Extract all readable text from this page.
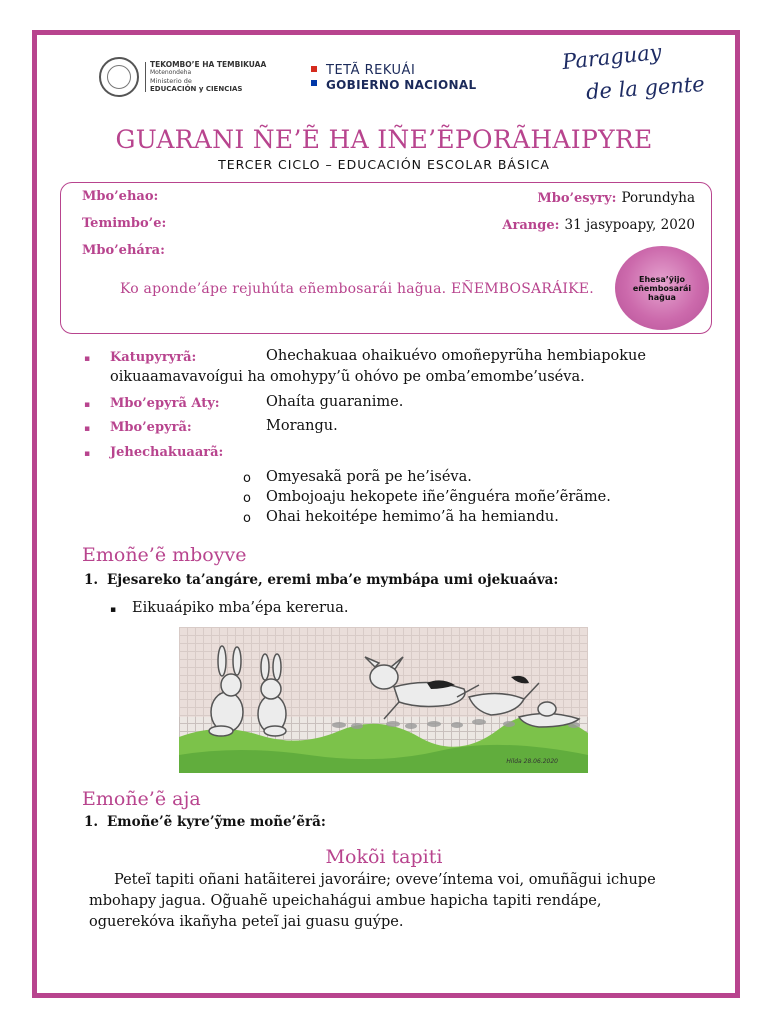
TEKOMBO’E HA TEMBIKUAA
Motenondeha
Ministerio de
EDUCACIÓN y CIENCIAS
TETÃ REKUÁI
GOBIERNO NACIONAL
Paraguay
de la gente
GUARANI ÑE’Ẽ HA IÑE’ẼPORÃHAIPYRE
TERCER CICLO – EDUCACIÓN ESCOLAR BÁSICA
Mbo’ehao:
Temimbo’e:
Mbo’ehára:
Mbo’esyry: Porundyha
Arange: 31 jasypoapy, 2020
Ko aponde’ápe rejuhúta eñembosarái hag̃ua. EÑEMBOSARÁIKE.
Ehesa’ỹijo
eñembosarái
hag̃ua
▪ Katupyryrã:	Ohechakuaa ohaikuévo omoñepyrũha hembiapokue
oikuaamavavoígui ha omohypy’ũ ohóvo pe omba’emombe’uséva.
▪ Mbo’epyrã Aty:	Ohaíta guaranime.
▪ Mbo’epyrã:	Morangu.
▪ Jehechakuaarã:
o Omyesakã porã pe he’iséva.
o Ombojoaju hekopete iñe’ẽnguéra moñe’ẽrãme.
o Ohai hekoitépe hemimo’ã ha hemiandu.
Emoñe’ẽ mboyve
1. Ejesareko ta’angáre, eremi mba’e mymbápa umi ojekuaáva:
▪ Eikuaápiko mba’épa kererua.
Hilda 28.06.2020
Emoñe’ẽ aja
1. Emoñe’ẽ kyre’ỹme moñe’ẽrã:
Mokõi tapiti
Peteĩ tapiti oñani hatãiterei javoráire; oveve’íntema voi, omuñãgui ichupe
mbohapy jagua. Og̃uahẽ upeichahágui ambue hapicha tapiti rendápe,
oguerekóva ikañyha peteĩ jai guasu guýpe.
